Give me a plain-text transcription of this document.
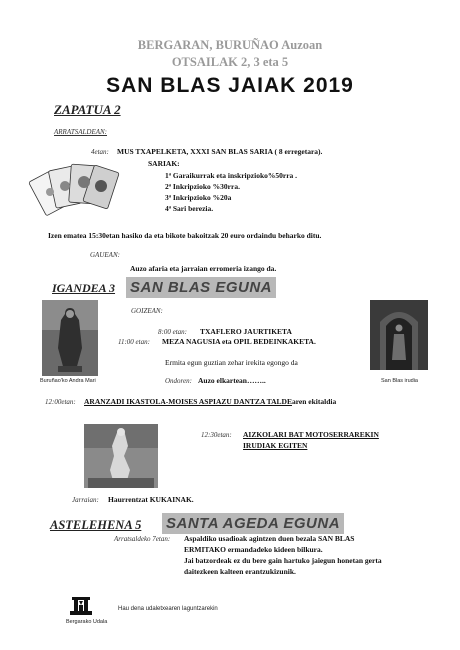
BERGARAN, BURUÑAO Auzoan
OTSAILAK 2, 3 eta 5
SAN BLAS JAIAK 2019
ZAPATUA 2
ARRATSALDEAN:
4etan: MUS TXAPELKETA, XXXI SAN BLAS SARIA ( 8 erregetara).
SARIAK:
1ª Garaikurrak eta inskripzioko%50rra .
2ª Inkripzioko %30rra.
3ª Inkripzioko %20a
4ª Sari berezia.
Izen ematea 15:30etan hasiko da eta bikote bakoitzak 20 euro ordaindu beharko ditu.
GAUEAN:
Auzo afaria eta jarraian erromeria izango da.
IGANDEA 3 SAN BLAS EGUNA
Buruñao'ko Andra Mari	San Blas irudia
GOIZEAN:
8:00 etan: TXAFLERO JAURTIKETA
11:00 etan: MEZA NAGUSIA eta OPIL BEDEINKAKETA.
Ermita egun guztian zehar irekita egongo da
Ondoren: Auzo elkartean……..
12:00etan: ARANZADI IKASTOLA-MOISES ASPIAZU DANTZA TALDEaren ekitaldia
12:30etan: AIZKOLARI BAT MOTOSERRAREKIN
IRUDIAK EGITEN
Jarraian: Haurrentzat KUKAINAK.
ASTELEHENA 5 SANTA AGEDA EGUNA
Arratsaldeko 7etan: Aspaldiko usadioak agintzen duen bezala SAN BLAS
ERMITAKO ermandadeko kideen bilkura.
Jai batzordeak ez du bere gain hartuko jaiegun honetan gerta
daitezkeen kalteen erantzukizunik.
Bergarako Udala
Hau dena udaletxearen laguntzarekin
